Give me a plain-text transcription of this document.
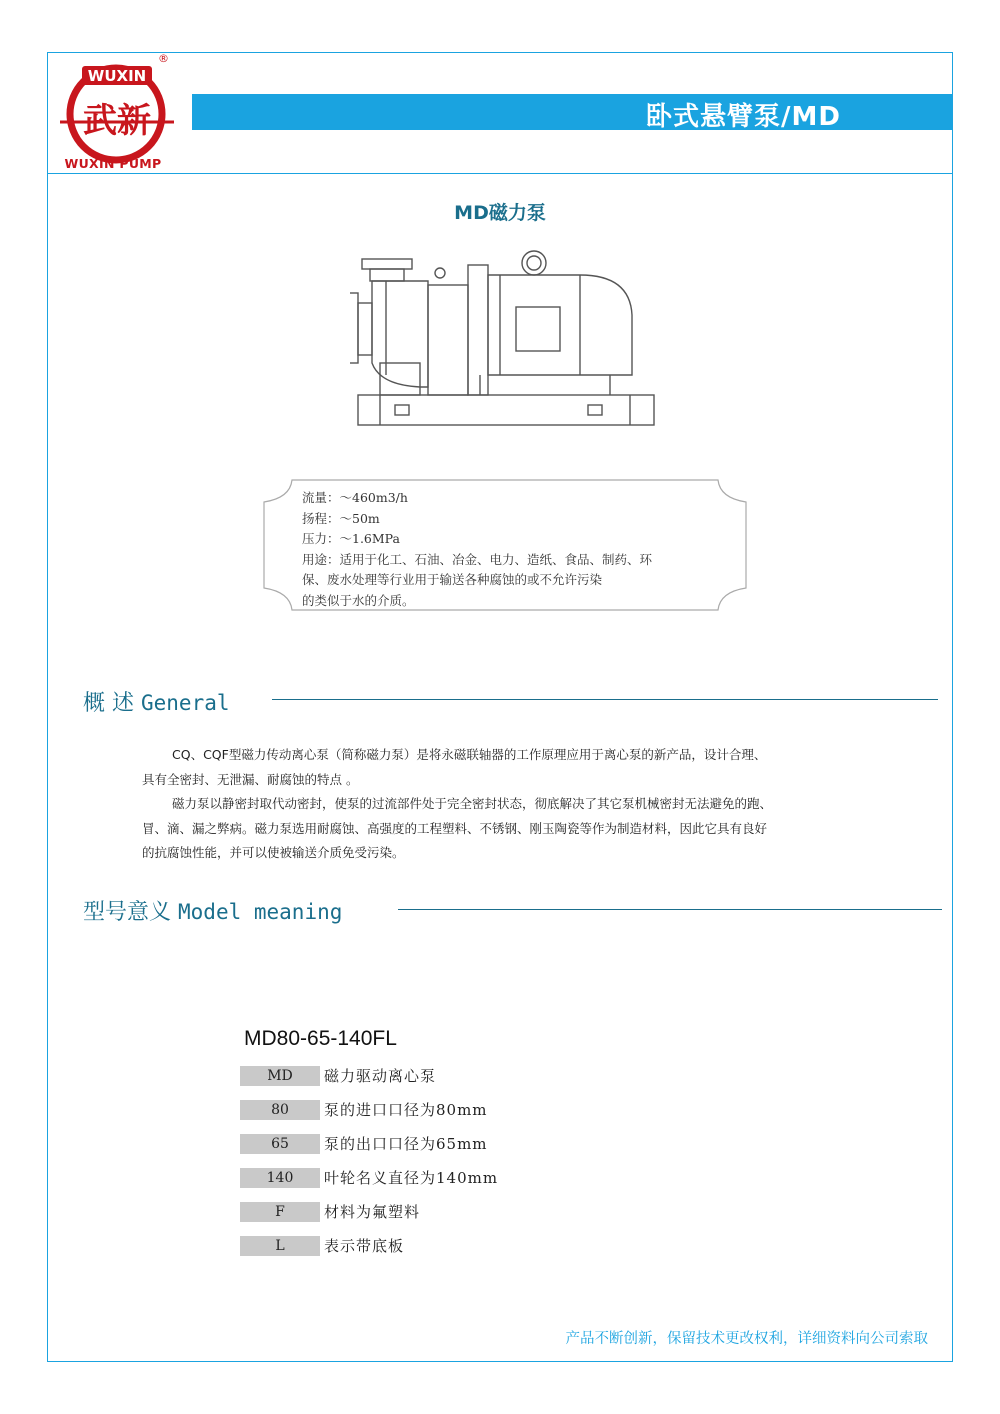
WUXIN
武新
®
WUXIN PUMP
卧式悬臂泵/MD
MD磁力泵
流量：～460m3/h
扬程：～50m
压力：～1.6MPa
用途：适用于化工、石油、冶金、电力、造纸、食品、制药、环
保、废水处理等行业用于输送各种腐蚀的或不允许污染
的类似于水的介质。
概 述 General

CQ、CQF型磁力传动离心泵（简称磁力泵）是将永磁联轴器的工作原理应用于离心泵的新产品，设计合理、

具有全密封、无泄漏、耐腐蚀的特点 。

磁力泵以静密封取代动密封，使泵的过流部件处于完全密封状态，彻底解决了其它泵机械密封无法避免的跑、

冒、滴、漏之弊病。磁力泵选用耐腐蚀、高强度的工程塑料、不锈钢、刚玉陶瓷等作为制造材料，因此它具有良好

的抗腐蚀性能，并可以使被输送介质免受污染。

型号意义 Model meaning
MD80-65-140FL
MD	磁力驱动离心泵
80	泵的进口口径为80mm
65	泵的出口口径为65mm
140	叶轮名义直径为140mm
F	材料为氟塑料
L	表示带底板
产品不断创新，保留技术更改权利，详细资料向公司索取
